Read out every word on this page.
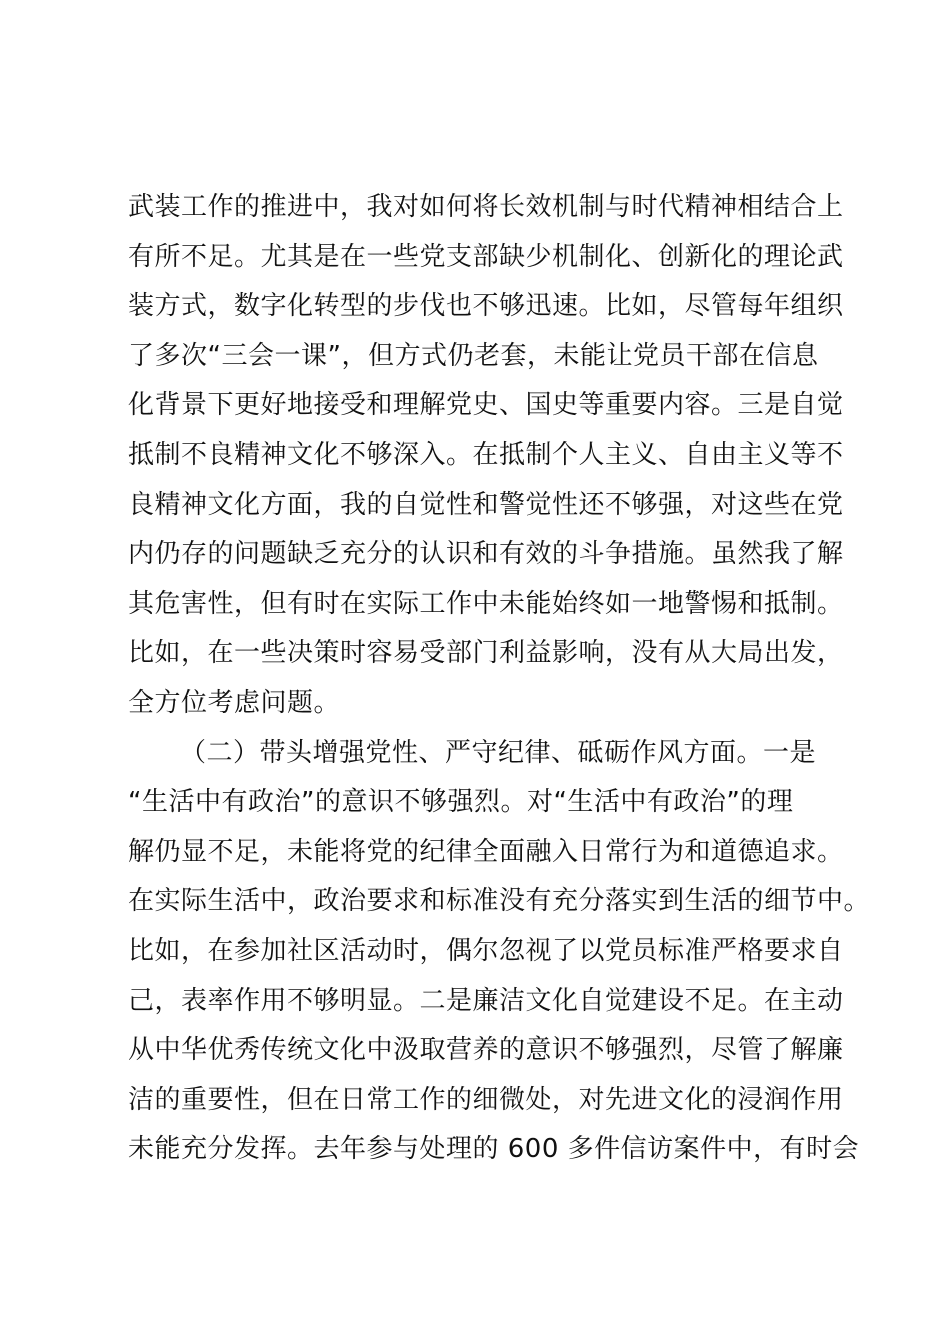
武装工作的推进中，我对如何将长效机制与时代精神相结合上
有所不足。尤其是在一些党支部缺少机制化、创新化的理论武
装方式，数字化转型的步伐也不够迅速。比如，尽管每年组织
了多次“三会一课”，但方式仍老套，未能让党员干部在信息
化背景下更好地接受和理解党史、国史等重要内容。三是自觉
抵制不良精神文化不够深入。在抵制个人主义、自由主义等不
良精神文化方面，我的自觉性和警觉性还不够强，对这些在党
内仍存的问题缺乏充分的认识和有效的斗争措施。虽然我了解
其危害性，但有时在实际工作中未能始终如一地警惕和抵制。
比如，在一些决策时容易受部门利益影响，没有从大局出发，
全方位考虑问题。
（二）带头增强党性、严守纪律、砥砺作风方面。一是
“生活中有政治”的意识不够强烈。对“生活中有政治”的理
解仍显不足，未能将党的纪律全面融入日常行为和道德追求。
在实际生活中，政治要求和标准没有充分落实到生活的细节中。
比如，在参加社区活动时，偶尔忽视了以党员标准严格要求自
己，表率作用不够明显。二是廉洁文化自觉建设不足。在主动
从中华优秀传统文化中汲取营养的意识不够强烈，尽管了解廉
洁的重要性，但在日常工作的细微处，对先进文化的浸润作用
未能充分发挥。去年参与处理的 600 多件信访案件中，有时会
